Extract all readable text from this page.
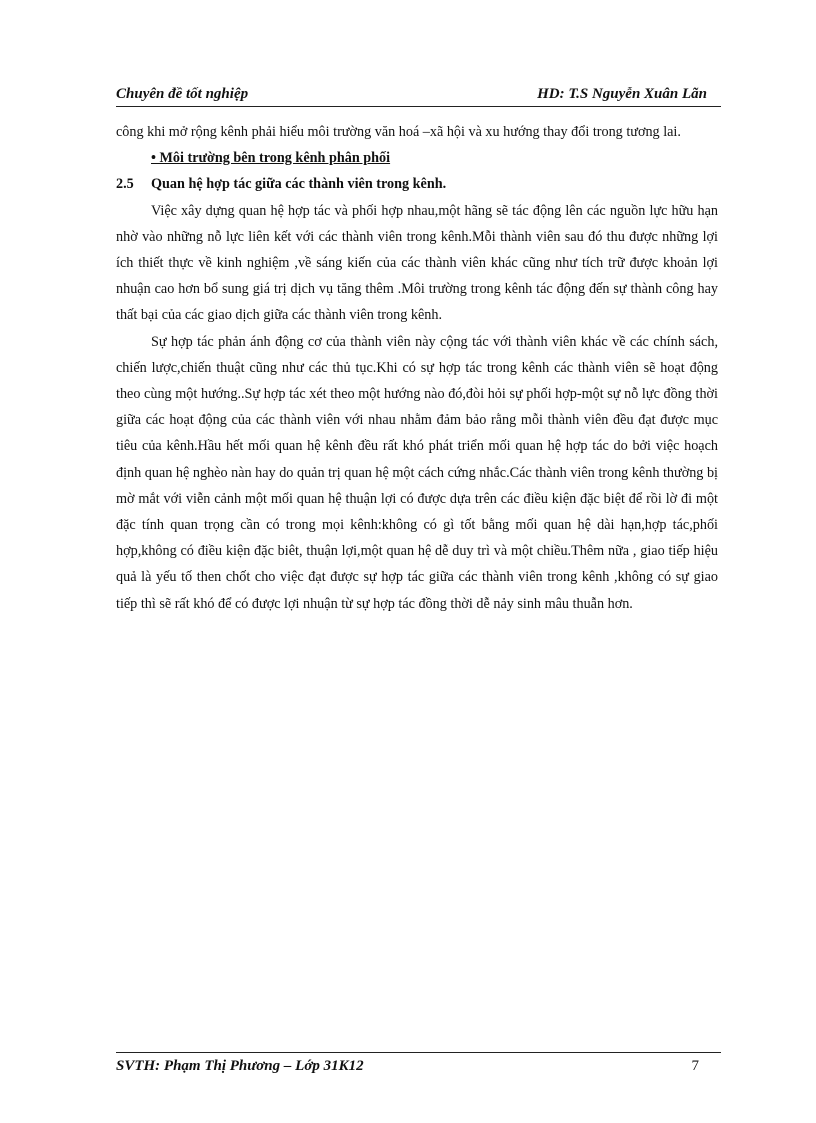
Chuyên đề tốt nghiệp	HD: T.S Nguyễn Xuân Lãn

công khi mở rộng kênh phải hiểu môi trường văn hoá –xã hội và xu hướng thay đổi trong tương lai.

• Môi trường bên trong kênh phân phối

2.5 Quan hệ hợp tác giữa các thành viên trong kênh.

Việc xây dựng quan hệ hợp tác và phối hợp nhau,một hãng sẽ tác động lên các nguồn lực hữu hạn nhờ vào những nỗ lực liên kết với các thành viên trong kênh.Mỗi thành viên sau đó thu được những lợi ích thiết thực về kinh nghiệm ,về sáng kiến của các thành viên khác cũng như tích trữ được khoản lợi nhuận cao hơn bổ sung giá trị dịch vụ tăng thêm .Môi trường trong kênh tác động đến sự thành công hay thất bại của các giao dịch giữa các thành viên trong kênh.

Sự hợp tác phản ánh động cơ của thành viên này cộng tác với thành viên khác về các chính sách, chiến lược,chiến thuật cũng như các thủ tục.Khi có sự hợp tác trong kênh các thành viên sẽ hoạt động theo cùng một hướng..Sự hợp tác xét theo một hướng nào đó,đòi hỏi sự phối hợp-một sự nỗ lực đồng thời giữa các hoạt động của các thành viên với nhau nhằm đảm bảo rằng mỗi thành viên đều đạt được mục tiêu của kênh.Hầu hết mối quan hệ kênh đều rất khó phát triển mối quan hệ hợp tác do bởi việc hoạch định quan hệ nghèo nàn hay do quản trị quan hệ một cách cứng nhắc.Các thành viên trong kênh thường bị mờ mắt với viễn cảnh một mối quan hệ thuận lợi có được dựa trên các điều kiện đặc biệt để rồi lờ đi một đặc tính quan trọng cần có trong mọi kênh:không có gì tốt bằng mối quan hệ dài hạn,hợp tác,phối hợp,không có điều kiện đặc biêt, thuận lợi,một quan hệ dễ duy trì và một chiều.Thêm nữa , giao tiếp hiệu quả là yếu tố then chốt cho việc đạt được sự hợp tác giữa các thành viên trong kênh ,không có sự giao tiếp thì sẽ rất khó để có được lợi nhuận từ sự hợp tác đồng thời dễ nảy sinh mâu thuẫn hơn.

SVTH: Phạm Thị Phương – Lớp 31K12	7
